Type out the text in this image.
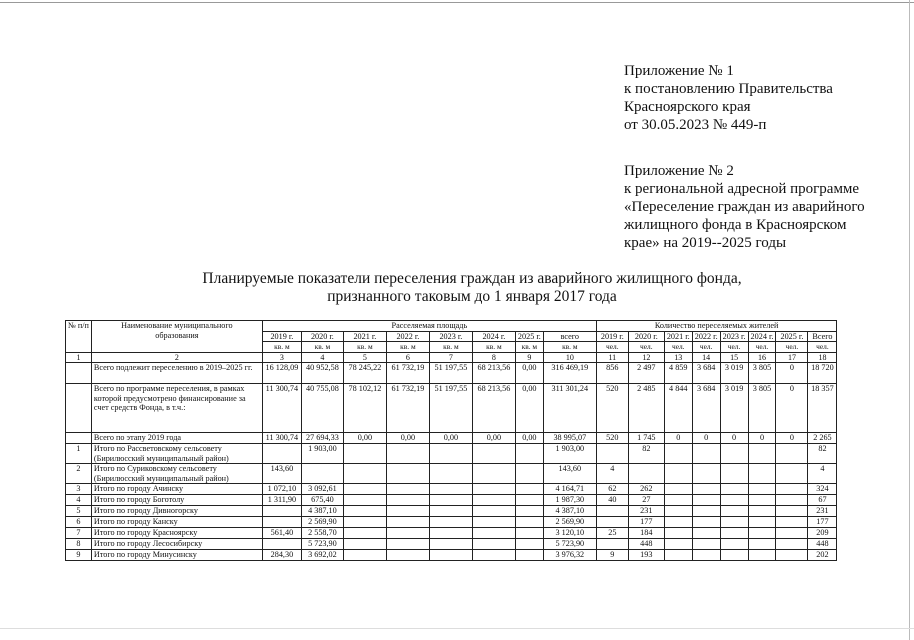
Приложение № 1
к постановлению Правительства
Красноярского края
от 30.05.2023 № 449-п
Приложение № 2
к региональной адресной программе
«Переселение граждан из аварийного
жилищного фонда в Красноярском
крае» на 2019--2025 годы
Планируемые показатели переселения граждан из аварийного жилищного фонда,
признанного таковым до 1 января 2017 года
№ п/п	Наименование муниципального образования	Расселяемая площадь								Количество переселяемых жителей							
		2019 г.	2020 г.	2021 г.	2022 г.	2023 г.	2024 г.	2025 г.	всего	2019 г.	2020 г.	2021 г.	2022 г.	2023 г.	2024 г.	2025 г.	Всего
		кв. м	кв. м	кв. м	кв. м	кв. м	кв. м	кв. м	кв. м	чел.	чел.	чел.	чел.	чел.	чел.	чел.	чел.
1	2	3	4	5	6	7	8	9	10	11	12	13	14	15	16	17	18
	Всего подлежит переселению в 2019–2025 гг.	16 128,09	40 952,58	78 245,22	61 732,19	51 197,55	68 213,56	0,00	316 469,19	856	2 497	4 859	3 684	3 019	3 805	0	18 720
	Всего по программе переселения, в рамках которой предусмотрено финансирование за счет средств Фонда, в т.ч.:	11 300,74	40 755,08	78 102,12	61 732,19	51 197,55	68 213,56	0,00	311 301,24	520	2 485	4 844	3 684	3 019	3 805	0	18 357
	Всего по этапу 2019 года	11 300,74	27 694,33	0,00	0,00	0,00	0,00	0,00	38 995,07	520	1 745	0	0	0	0	0	2 265
1	Итого по Рассветовскому сельсовету (Бирилюсский муниципальный район)		1 903,00						1 903,00		82						82
2	Итого по Суриковскому сельсовету (Бирилюсский муниципальный район)	143,60							143,60	4							4
3	Итого по городу Ачинску	1 072,10	3 092,61						4 164,71	62	262						324
4	Итого по городу Боготолу	1 311,90	675,40						1 987,30	40	27						67
5	Итого по городу Дивногорску		4 387,10						4 387,10		231						231
6	Итого по городу Канску		2 569,90						2 569,90		177						177
7	Итого по городу Красноярску	561,40	2 558,70						3 120,10	25	184						209
8	Итого по городу Лесосибирску		5 723,90						5 723,90		448						448
9	Итого по городу Минусинску	284,30	3 692,02						3 976,32	9	193						202
